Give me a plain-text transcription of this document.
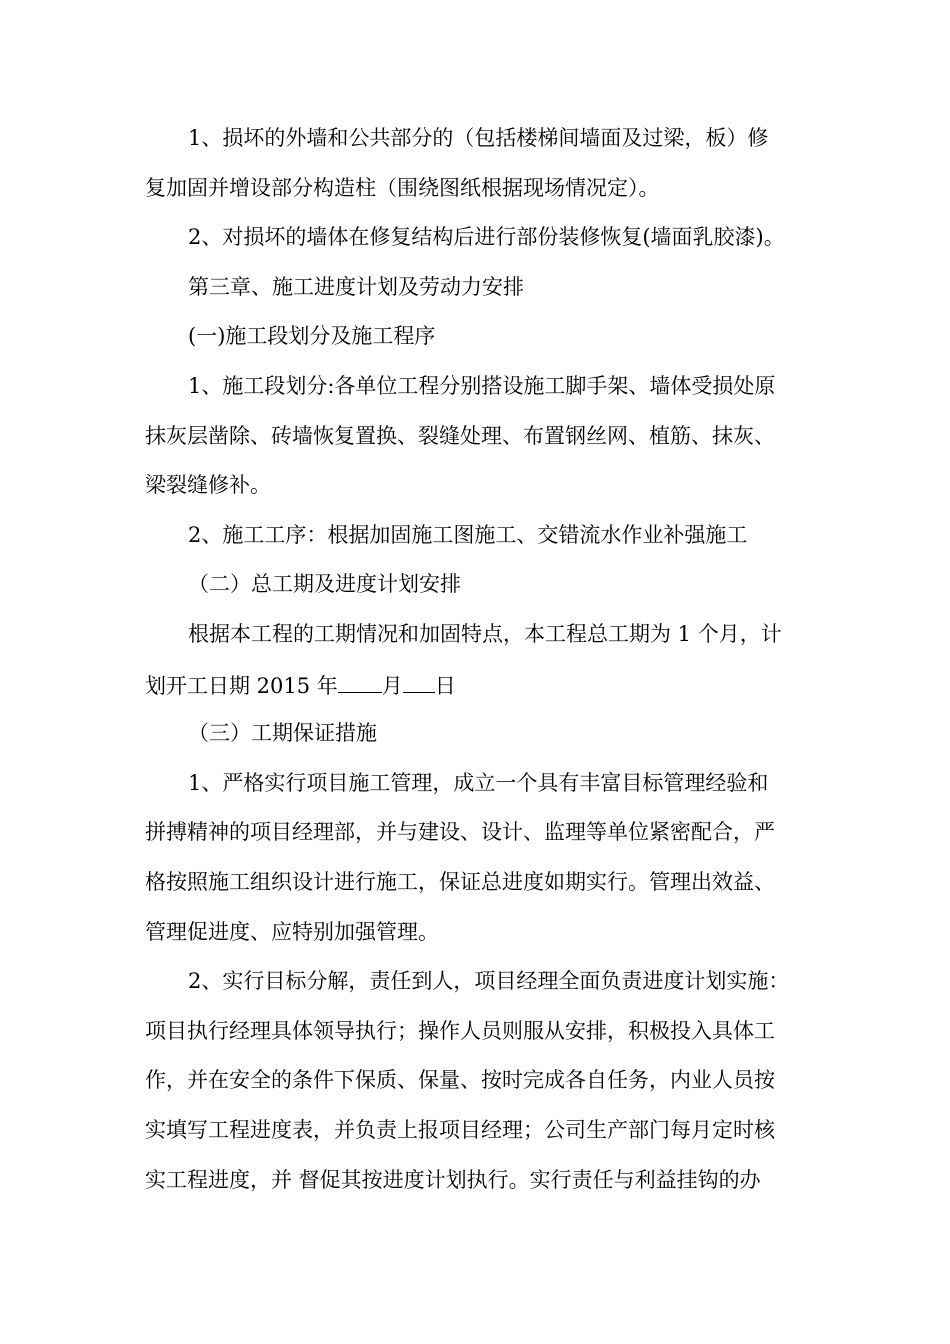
1、损坏的外墙和公共部分的（包括楼梯间墙面及过梁，板）修

复加固并增设部分构造柱（围绕图纸根据现场情况定）。

2、对损坏的墙体在修复结构后进行部份装修恢复(墙面乳胶漆)。

第三章、施工进度计划及劳动力安排

(一)施工段划分及施工程序

1、施工段划分:各单位工程分别搭设施工脚手架、墙体受损处原

抹灰层凿除、砖墙恢复置换、裂缝处理、布置钢丝网、植筋、抹灰、

梁裂缝修补。

2、施工工序：根据加固施工图施工、交错流水作业补强施工

（二）总工期及进度计划安排

根据本工程的工期情况和加固特点，本工程总工期为 1 个月，计

划开工日期 2015 年 月 日

（三）工期保证措施

1、严格实行项目施工管理，成立一个具有丰富目标管理经验和

拼搏精神的项目经理部，并与建设、设计、监理等单位紧密配合，严

格按照施工组织设计进行施工，保证总进度如期实行。管理出效益、

管理促进度、应特别加强管理。

2、实行目标分解，责任到人，项目经理全面负责进度计划实施：

项目执行经理具体领导执行；操作人员则服从安排，积极投入具体工

作，并在安全的条件下保质、保量、按时完成各自任务，内业人员按

实填写工程进度表，并负责上报项目经理；公司生产部门每月定时核

实工程进度，并 督促其按进度计划执行。实行责任与利益挂钩的办
